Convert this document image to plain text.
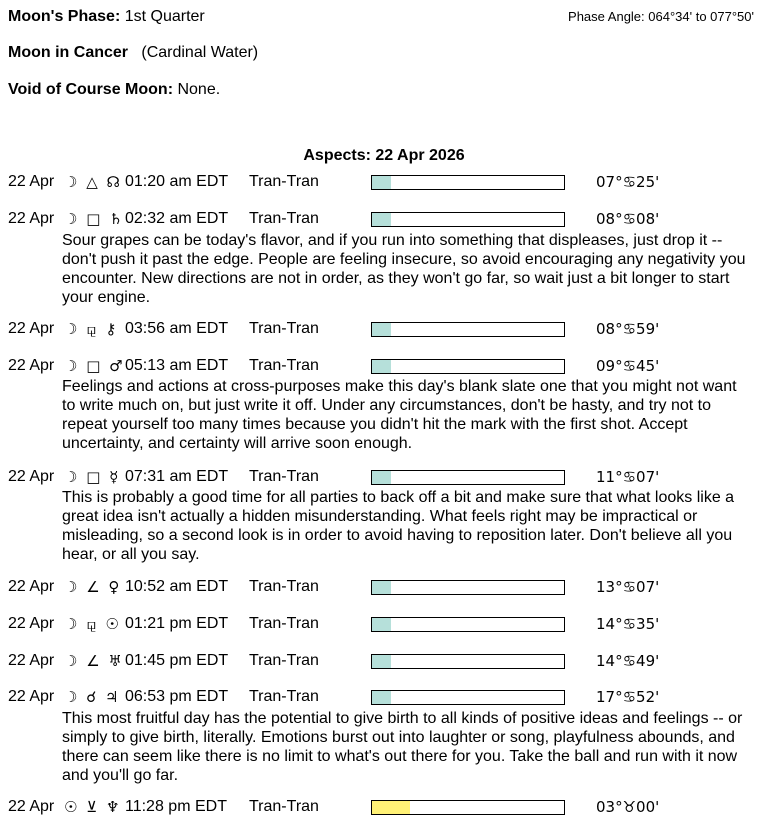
Moon's Phase: 1st Quarter	Phase Angle: 064°34' to 077°50'
Moon in Cancer (Cardinal Water)
Void of Course Moon: None.
Aspects: 22 Apr 2026
22 Apr ☽ △ ☊ 01:20 am EDT Tran-Tran	07°♋25'
22 Apr ☽ □ ♄ 02:32 am EDT Tran-Tran	08°♋08'
Sour grapes can be today's flavor, and if you run into something that displeases, just drop it -- don't push it past the edge. People are feeling insecure, so avoid encouraging any negativity you encounter. New directions are not in order, as they won't go far, so wait just a bit longer to start your engine.
22 Apr ☽ ⚼ ⚷ 03:56 am EDT Tran-Tran	08°♋59'
22 Apr ☽ □ ♂ 05:13 am EDT Tran-Tran	09°♋45'
Feelings and actions at cross-purposes make this day's blank slate one that you might not want to write much on, but just write it off. Under any circumstances, don't be hasty, and try not to repeat yourself too many times because you didn't hit the mark with the first shot. Accept uncertainty, and certainty will arrive soon enough.
22 Apr ☽ □ ☿ 07:31 am EDT Tran-Tran	11°♋07'
This is probably a good time for all parties to back off a bit and make sure that what looks like a great idea isn't actually a hidden misunderstanding. What feels right may be impractical or misleading, so a second look is in order to avoid having to reposition later. Don't believe all you hear, or all you say.
22 Apr ☽ ∠ ♀ 10:52 am EDT Tran-Tran	13°♋07'
22 Apr ☽ ⚼ ☉ 01:21 pm EDT Tran-Tran	14°♋35'
22 Apr ☽ ∠ ♅ 01:45 pm EDT Tran-Tran	14°♋49'
22 Apr ☽ ☌ ♃ 06:53 pm EDT Tran-Tran	17°♋52'
This most fruitful day has the potential to give birth to all kinds of positive ideas and feelings -- or simply to give birth, literally. Emotions burst out into laughter or song, playfulness abounds, and there can seem like there is no limit to what's out there for you. Take the ball and run with it now and you'll go far.
22 Apr ☉ ⊻ ♆ 11:28 pm EDT Tran-Tran	03°♉00'
